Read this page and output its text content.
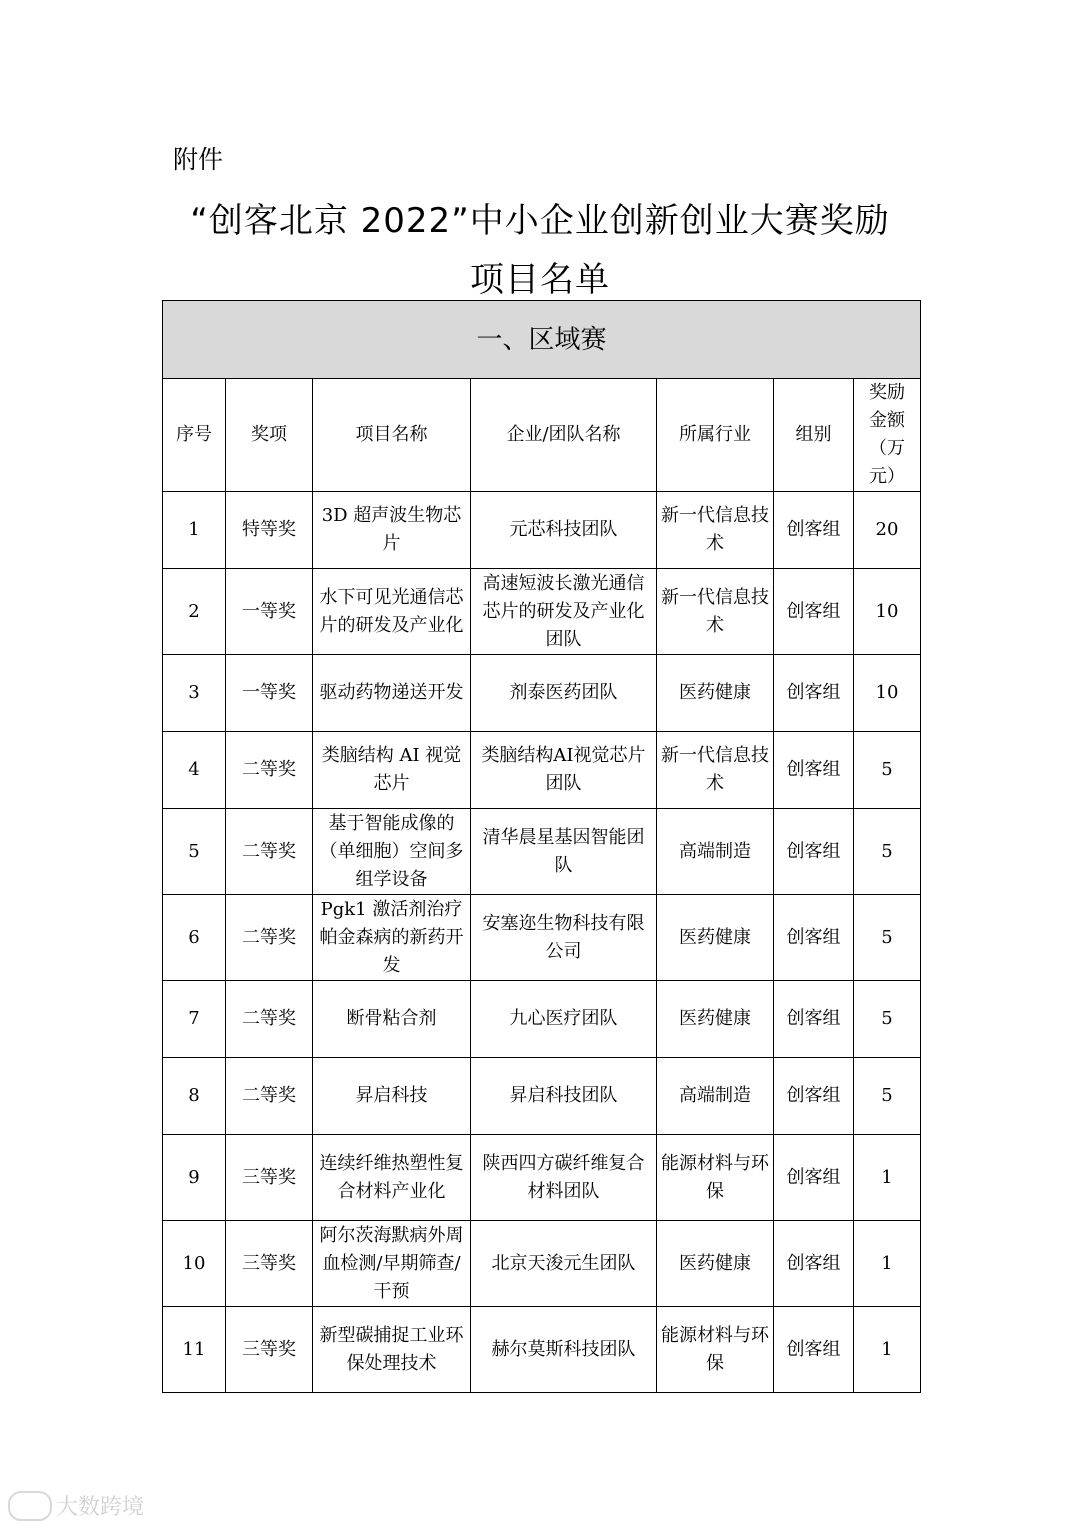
附件
“创客北京 2022”中小企业创新创业大赛奖励
项目名单
一、区域赛						
序号	奖项	项目名称	企业/团队名称	所属行业	组别	奖励
金额
（万
元）

1	特等奖	3D 超声波生物芯片	元芯科技团队	新一代信息技术	创客组	20
2	一等奖	水下可见光通信芯片的研发及产业化	高速短波长激光通信芯片的研发及产业化团队	新一代信息技术	创客组	10
3	一等奖	驱动药物递送开发	剂泰医药团队	医药健康	创客组	10
4	二等奖	类脑结构 AI 视觉芯片	类脑结构AI视觉芯片团队	新一代信息技术	创客组	5
5	二等奖	基于智能成像的（单细胞）空间多组学设备	清华晨星基因智能团队	高端制造	创客组	5
6	二等奖	Pgk1 激活剂治疗帕金森病的新药开发	安塞迩生物科技有限公司	医药健康	创客组	5
7	二等奖	断骨粘合剂	九心医疗团队	医药健康	创客组	5
8	二等奖	昇启科技	昇启科技团队	高端制造	创客组	5
9	三等奖	连续纤维热塑性复合材料产业化	陕西四方碳纤维复合材料团队	能源材料与环保	创客组	1
10	三等奖	阿尔茨海默病外周血检测/早期筛查/干预	北京天浚元生团队	医药健康	创客组	1
11	三等奖	新型碳捕捉工业环保处理技术	赫尔莫斯科技团队	能源材料与环保	创客组	1
大数跨境
